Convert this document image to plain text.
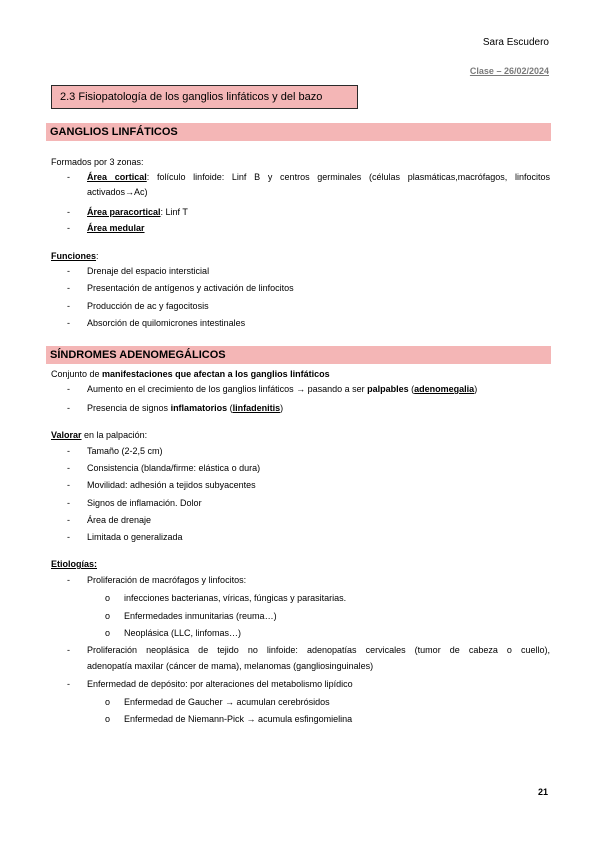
Sara Escudero
Clase – 26/02/2024
2.3 Fisiopatología de los ganglios linfáticos y del bazo
GANGLIOS LINFÁTICOS
Formados por 3 zonas:
- Área cortical: folículo linfoide: Linf B y centros germinales (células plasmáticas,macrófagos, linfocitos
activados→Ac)
- Área paracortical: Linf T
- Área medular
Funciones:
- Drenaje del espacio intersticial
- Presentación de antígenos y activación de linfocitos
- Producción de ac y fagocitosis
- Absorción de quilomicrones intestinales
SÍNDROMES ADENOMEGÁLICOS
Conjunto de manifestaciones que afectan a los ganglios linfáticos
- Aumento en el crecimiento de los ganglios linfáticos → pasando a ser palpables (adenomegalia)
- Presencia de signos inflamatorios (linfadenitis)
Valorar en la palpación:
- Tamaño (2-2,5 cm)
- Consistencia (blanda/firme: elástica o dura)
- Movilidad: adhesión a tejidos subyacentes
- Signos de inflamación. Dolor
- Área de drenaje
- Limitada o generalizada
Etiologías:
- Proliferación de macrófagos y linfocitos:
o infecciones bacterianas, víricas, fúngicas y parasitarias.
o Enfermedades inmunitarias (reuma…)
o Neoplásica (LLC, linfomas…)
- Proliferación neoplásica de tejido no linfoide: adenopatías cervicales (tumor de cabeza o cuello),
adenopatía maxilar (cáncer de mama), melanomas (gangliosinguinales)
- Enfermedad de depósito: por alteraciones del metabolismo lipídico
o Enfermedad de Gaucher → acumulan cerebrósidos
o Enfermedad de Niemann-Pick → acumula esfingomielina
21
